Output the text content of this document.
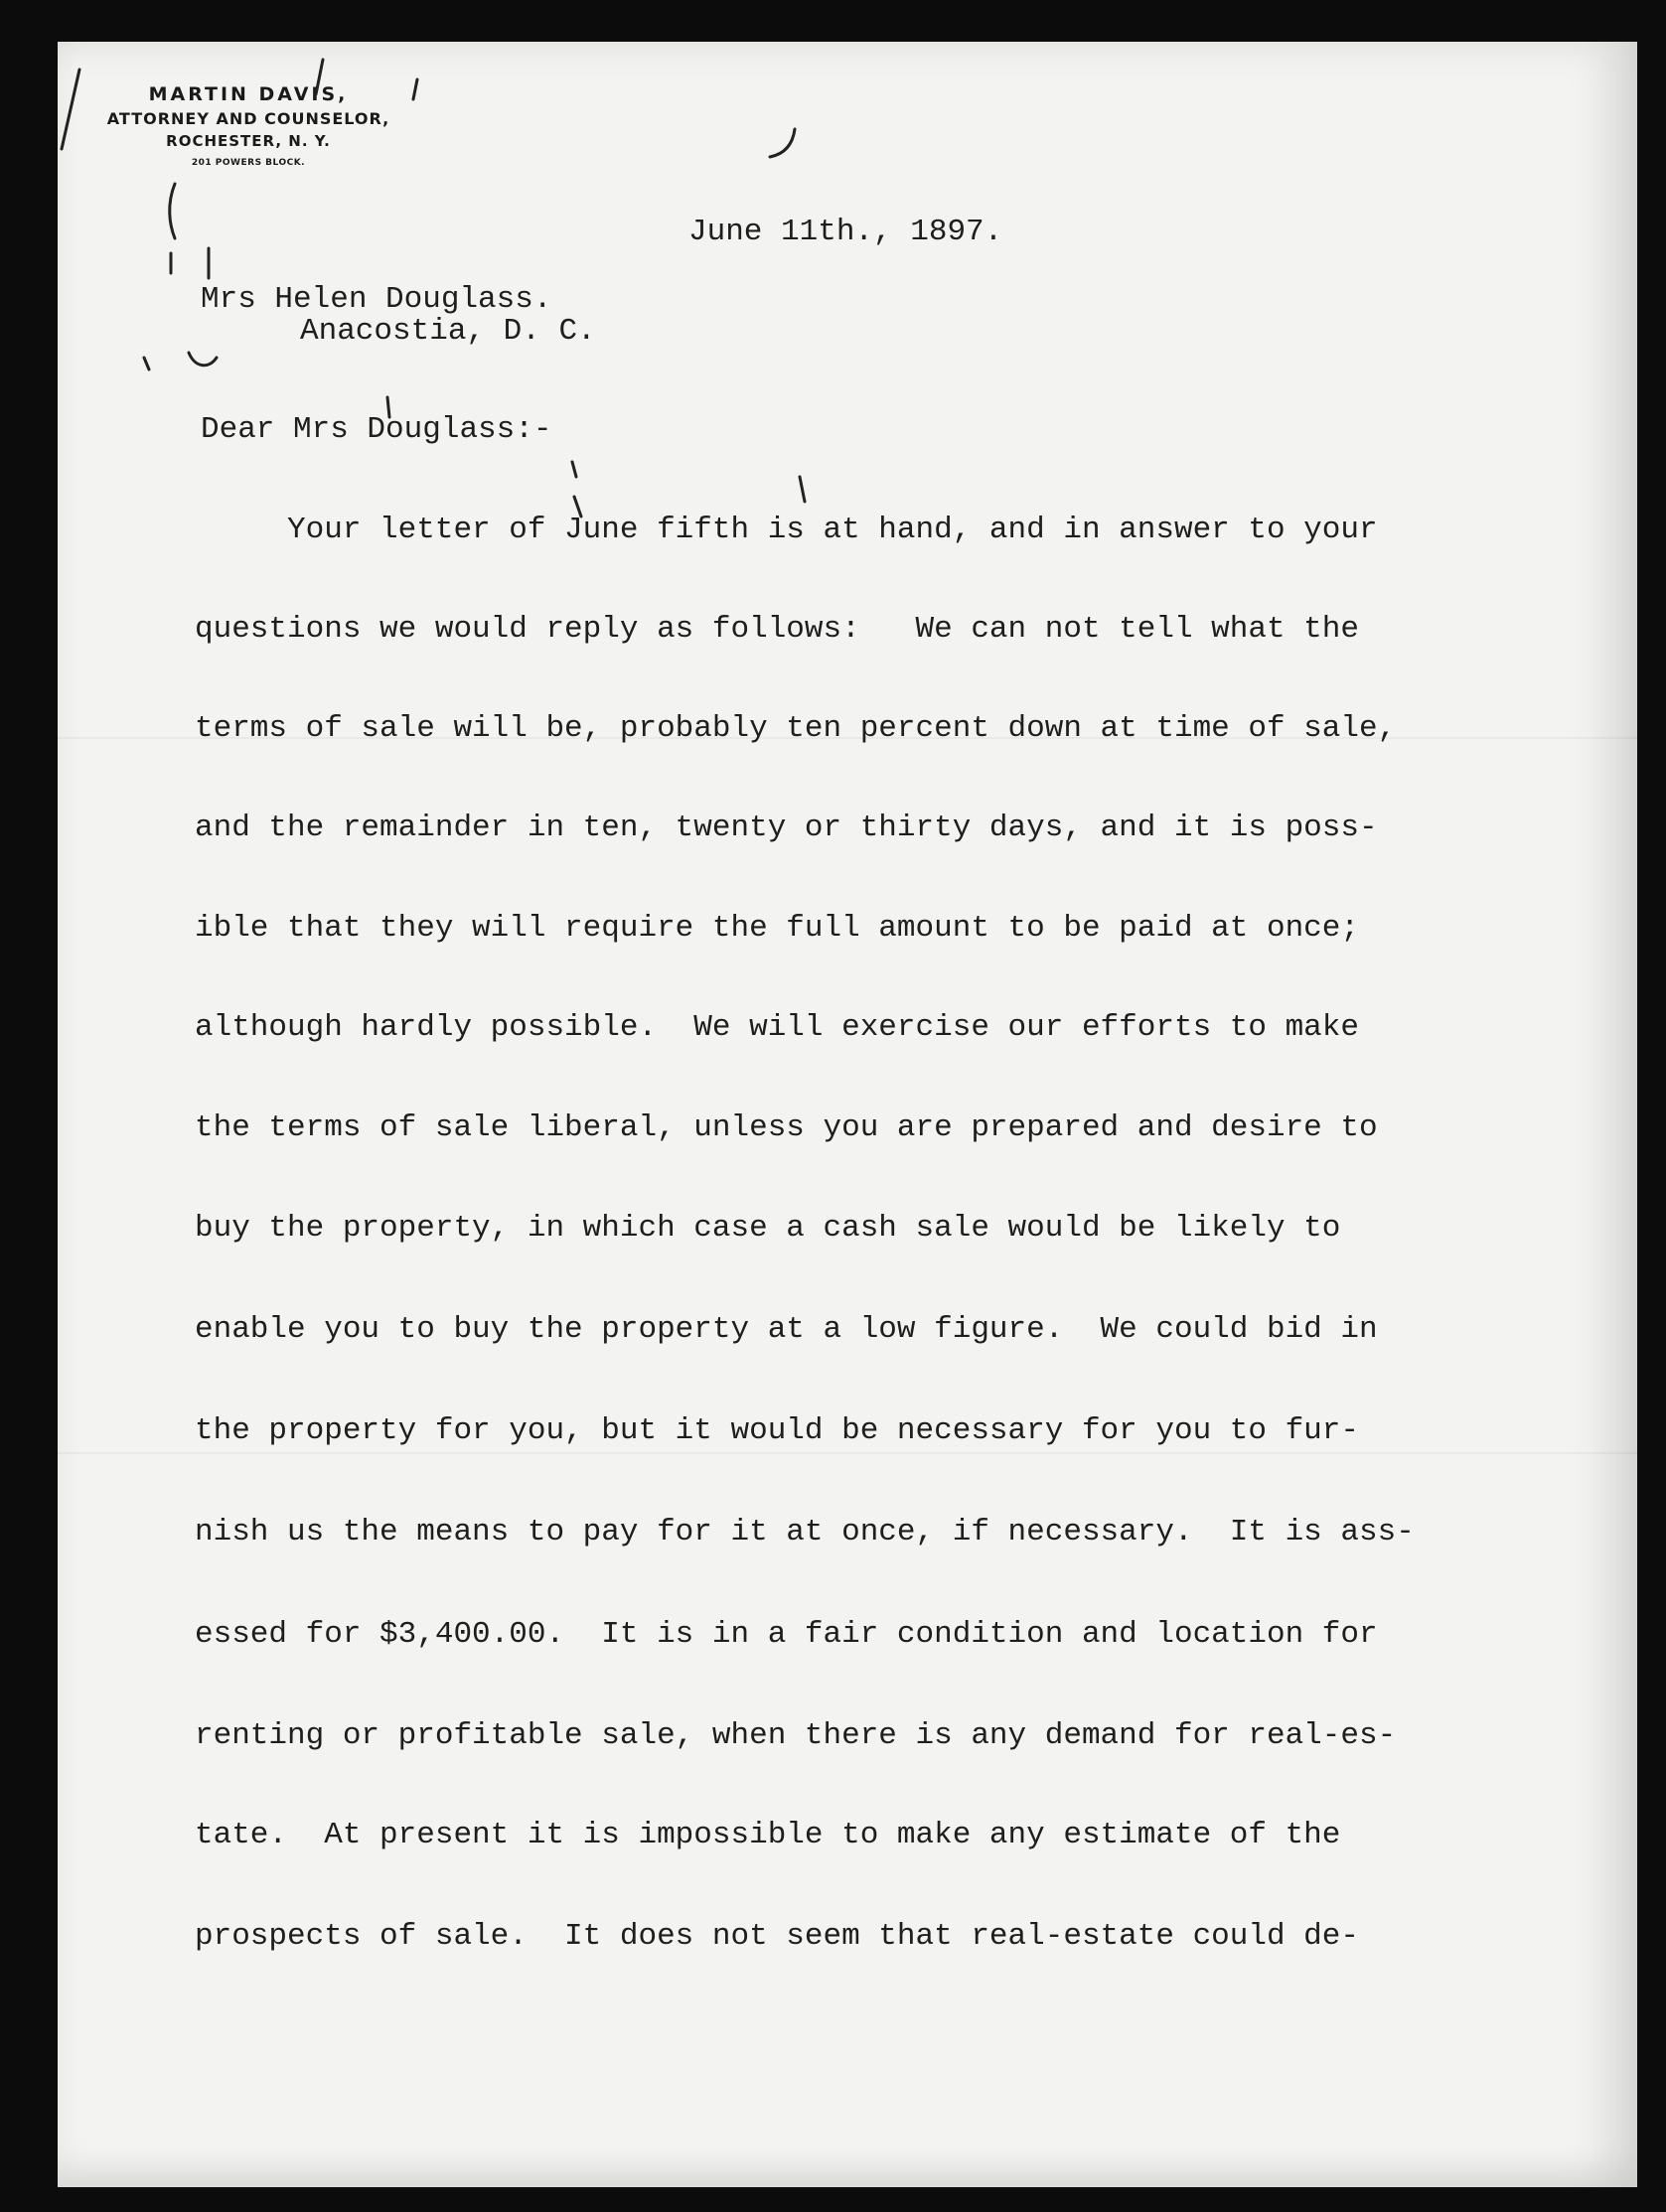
MARTIN DAVIS,
ATTORNEY AND COUNSELOR,
ROCHESTER, N. Y.
201 POWERS BLOCK.

June 11th., 1897.

Mrs Helen Douglass.

Anacostia, D. C.

Dear Mrs Douglass:-

Your letter of June fifth is at hand, and in answer to your

questions we would reply as follows:   We can not tell what the

terms of sale will be, probably ten percent down at time of sale,

and the remainder in ten, twenty or thirty days, and it is poss-

ible that they will require the full amount to be paid at once;

although hardly possible.  We will exercise our efforts to make

the terms of sale liberal, unless you are prepared and desire to

buy the property, in which case a cash sale would be likely to

enable you to buy the property at a low figure.  We could bid in

the property for you, but it would be necessary for you to fur-

nish us the means to pay for it at once, if necessary.  It is ass-

essed for $3,400.00.  It is in a fair condition and location for

renting or profitable sale, when there is any demand for real-es-

tate.  At present it is impossible to make any estimate of the

prospects of sale.  It does not seem that real-estate could de-
